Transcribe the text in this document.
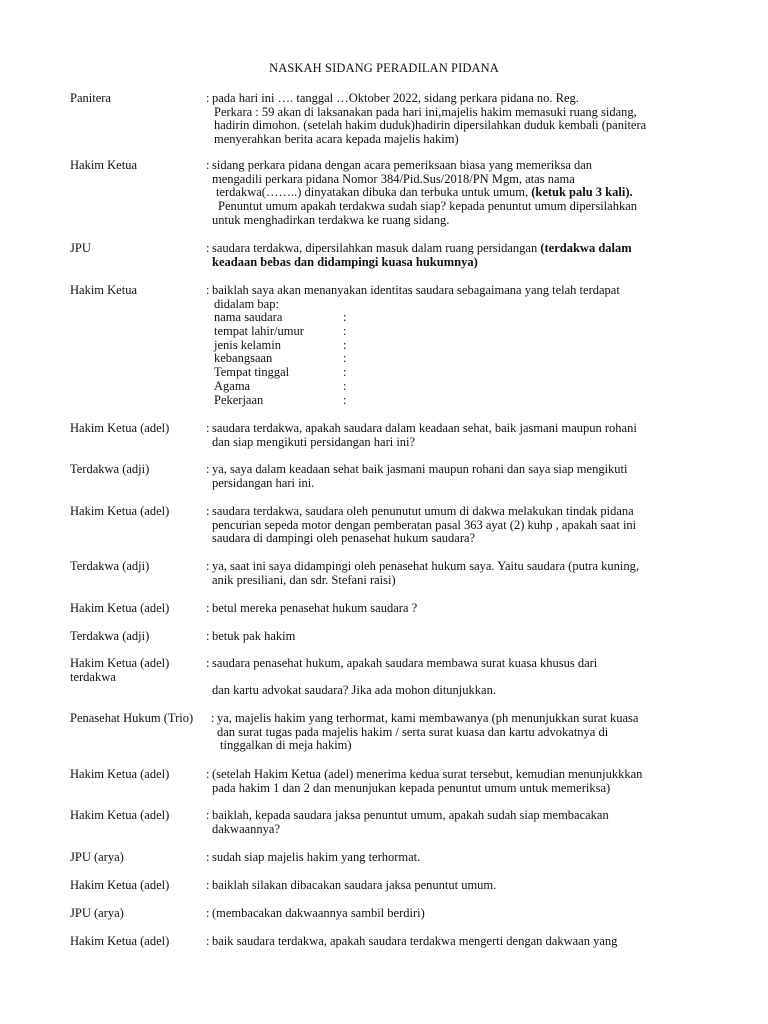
NASKAH SIDANG PERADILAN PIDANA
Panitera	: pada hari ini …. tanggal …Oktober 2022, sidang perkara pidana no. Reg.
Perkara : 59 akan di laksanakan pada hari ini,majelis hakim memasuki ruang sidang,
hadirin dimohon. (setelah hakim duduk)hadirin dipersilahkan duduk kembali (panitera
menyerahkan berita acara kepada majelis hakim)
Hakim Ketua	: sidang perkara pidana dengan acara pemeriksaan biasa yang memeriksa dan
mengadili perkara pidana Nomor 384/Pid.Sus/2018/PN Mgm, atas nama
terdakwa(……..) dinyatakan dibuka dan terbuka untuk umum, (ketuk palu 3 kali).
Penuntut umum apakah terdakwa sudah siap? kepada penuntut umum dipersilahkan
untuk menghadirkan terdakwa ke ruang sidang.
JPU	: saudara terdakwa, dipersilahkan masuk dalam ruang persidangan (terdakwa dalam
keadaan bebas dan didampingi kuasa hukumnya)
Hakim Ketua	: baiklah saya akan menanyakan identitas saudara sebagaimana yang telah terdapat
didalam bap:
nama saudara	:
tempat lahir/umur	:
jenis kelamin	:
kebangsaan	:
Tempat tinggal	:
Agama	:
Pekerjaan	:
Hakim Ketua (adel)	: saudara terdakwa, apakah saudara dalam keadaan sehat, baik jasmani maupun rohani
dan siap mengikuti persidangan hari ini?
Terdakwa (adji)	: ya, saya dalam keadaan sehat baik jasmani maupun rohani dan saya siap mengikuti
persidangan hari ini.
Hakim Ketua (adel)	: saudara terdakwa, saudara oleh penunutut umum di dakwa melakukan tindak pidana
pencurian sepeda motor dengan pemberatan pasal 363 ayat (2) kuhp , apakah saat ini
saudara di dampingi oleh penasehat hukum saudara?
Terdakwa (adji)	: ya, saat ini saya didampingi oleh penasehat hukum saya. Yaitu saudara (putra kuning,
anik presiliani, dan sdr. Stefani raisi)
Hakim Ketua (adel)	: betul mereka penasehat hukum saudara ?
Terdakwa (adji)	: betuk pak hakim
Hakim Ketua (adel)
terdakwa
: saudara penasehat hukum, apakah saudara membawa surat kuasa khusus dari
dan kartu advokat saudara? Jika ada mohon ditunjukkan.
Penasehat Hukum (Trio) : ya, majelis hakim yang terhormat, kami membawanya (ph menunjukkan surat kuasa
dan surat tugas pada majelis hakim / serta surat kuasa dan kartu advokatnya di
tinggalkan di meja hakim)
Hakim Ketua (adel)	: (setelah Hakim Ketua (adel) menerima kedua surat tersebut, kemudian menunjukkkan
pada hakim 1 dan 2 dan menunjukan kepada penuntut umum untuk memeriksa)
Hakim Ketua (adel)	: baiklah, kepada saudara jaksa penuntut umum, apakah sudah siap membacakan
dakwaannya?
JPU (arya)	: sudah siap majelis hakim yang terhormat.
Hakim Ketua (adel)	: baiklah silakan dibacakan saudara jaksa penuntut umum.
JPU (arya)	: (membacakan dakwaannya sambil berdiri)
Hakim Ketua (adel)	: baik saudara terdakwa, apakah saudara terdakwa mengerti dengan dakwaan yang
